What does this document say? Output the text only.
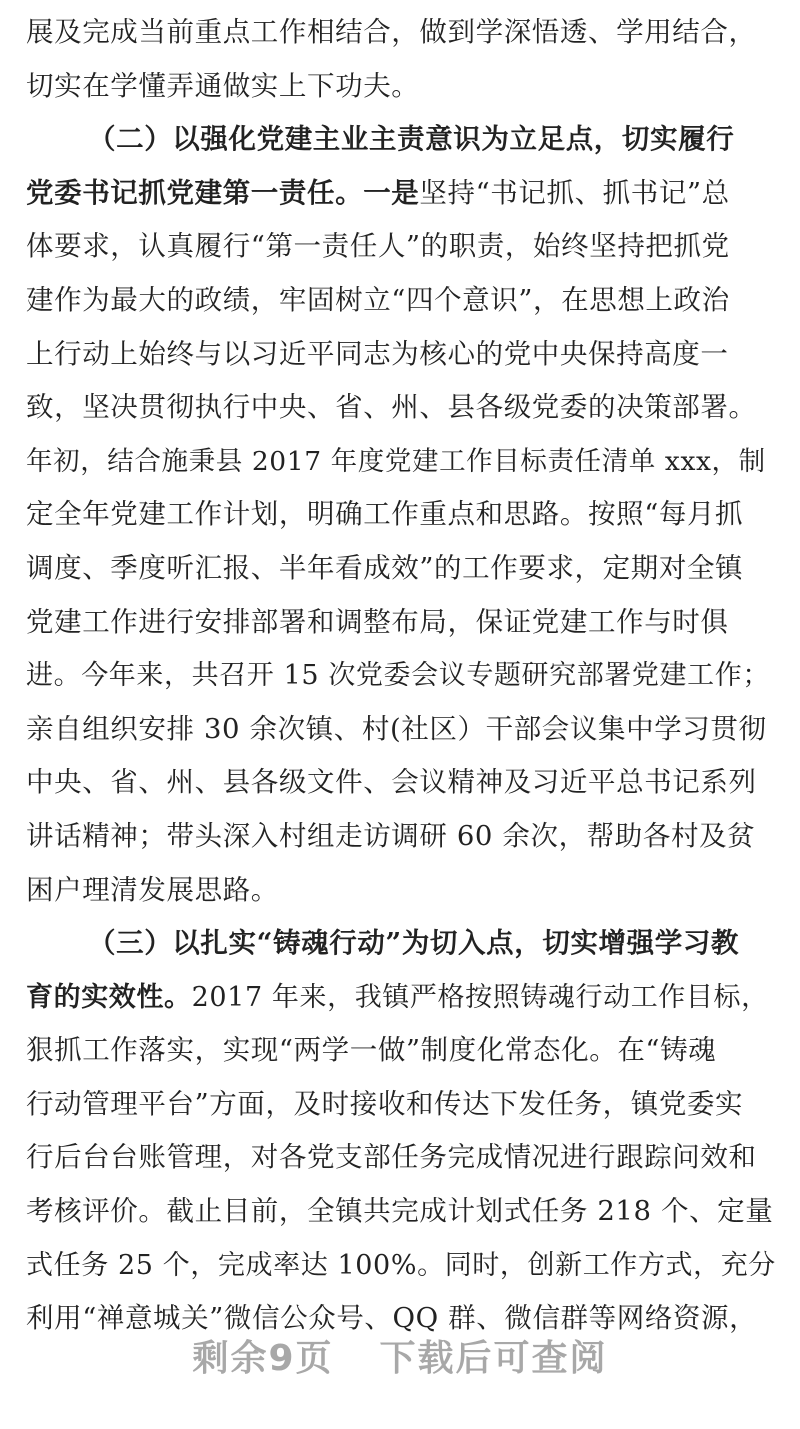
展及完成当前重点工作相结合，做到学深悟透、学用结合，
切实在学懂弄通做实上下功夫。
（二）以强化党建主业主责意识为立足点，切实履行
党委书记抓党建第一责任。一是坚持“书记抓、抓书记”总
体要求，认真履行“第一责任人”的职责，始终坚持把抓党
建作为最大的政绩，牢固树立“四个意识”，在思想上政治
上行动上始终与以习近平同志为核心的党中央保持高度一
致，坚决贯彻执行中央、省、州、县各级党委的决策部署。
年初，结合施秉县 2017 年度党建工作目标责任清单 xxx，制
定全年党建工作计划，明确工作重点和思路。按照“每月抓
调度、季度听汇报、半年看成效”的工作要求，定期对全镇
党建工作进行安排部署和调整布局，保证党建工作与时俱
进。今年来，共召开 15 次党委会议专题研究部署党建工作；
亲自组织安排 30 余次镇、村(社区）干部会议集中学习贯彻
中央、省、州、县各级文件、会议精神及习近平总书记系列
讲话精神；带头深入村组走访调研 60 余次，帮助各村及贫
困户理清发展思路。
（三）以扎实“铸魂行动”为切入点，切实增强学习教
育的实效性。2017 年来，我镇严格按照铸魂行动工作目标，
狠抓工作落实，实现“两学一做”制度化常态化。在“铸魂
行动管理平台”方面，及时接收和传达下发任务，镇党委实
行后台台账管理，对各党支部任务完成情况进行跟踪问效和
考核评价。截止目前，全镇共完成计划式任务 218 个、定量
式任务 25 个，完成率达 100%。同时，创新工作方式，充分
利用“禅意城关”微信公众号、QQ 群、微信群等网络资源，
剩余9页 下载后可查阅
